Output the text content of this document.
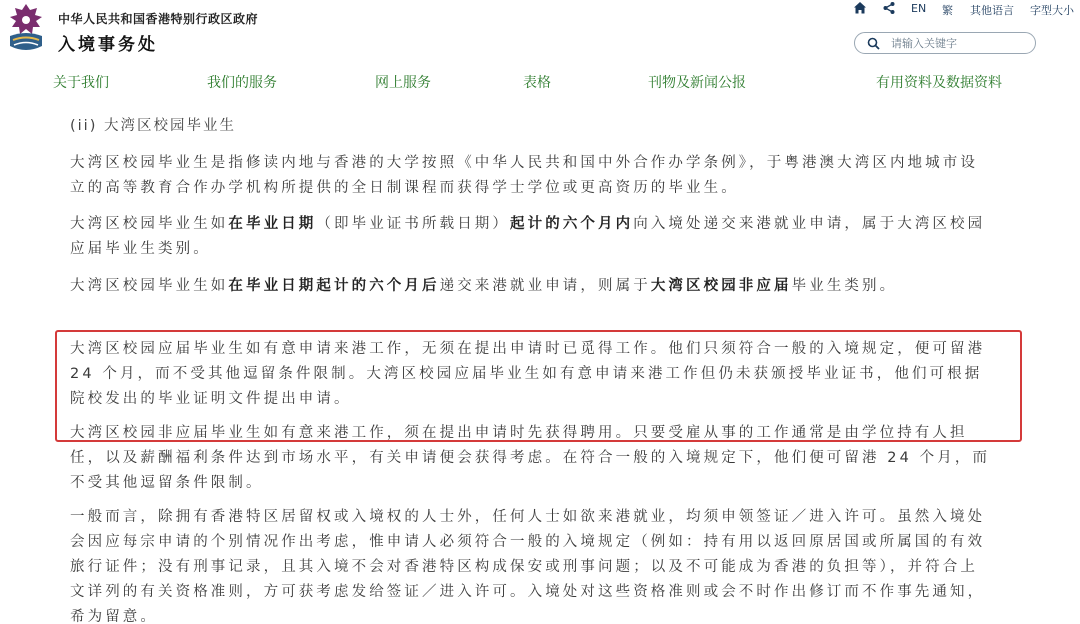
中华人民共和国香港特别行政区政府
入境事务处
EN 繁 其他语言 字型大小
请输入关键字
关于我们	我们的服务	网上服务	表格	刊物及新闻公报	有用资料及数据资料
(ii) 大湾区校园毕业生
大湾区校园毕业生是指修读内地与香港的大学按照《中华人民共和国中外合作办学条例》，于粤港澳大湾区内地城市设立的高等教育合作办学机构所提供的全日制课程而获得学士学位或更高资历的毕业生。
大湾区校园毕业生如在毕业日期（即毕业证书所载日期）起计的六个月内向入境处递交来港就业申请，属于大湾区校园应届毕业生类别。
大湾区校园毕业生如在毕业日期起计的六个月后递交来港就业申请，则属于大湾区校园非应届毕业生类别。
大湾区校园应届毕业生如有意申请来港工作，无须在提出申请时已觅得工作。他们只须符合一般的入境规定，便可留港 24 个月，而不受其他逗留条件限制。大湾区校园应届毕业生如有意申请来港工作但仍未获颁授毕业证书，他们可根据院校发出的毕业证明文件提出申请。
大湾区校园非应届毕业生如有意来港工作，须在提出申请时先获得聘用。只要受雇从事的工作通常是由学位持有人担任，以及薪酬福利条件达到市场水平，有关申请便会获得考虑。在符合一般的入境规定下，他们便可留港 24 个月，而不受其他逗留条件限制。
一般而言，除拥有香港特区居留权或入境权的人士外，任何人士如欲来港就业，均须申领签证／进入许可。虽然入境处会因应每宗申请的个别情况作出考虑，惟申请人必须符合一般的入境规定（例如：持有用以返回原居国或所属国的有效旅行证件；没有刑事记录，且其入境不会对香港特区构成保安或刑事问题；以及不可能成为香港的负担等），并符合上文详列的有关资格准则，方可获考虑发给签证／进入许可。入境处对这些资格准则或会不时作出修订而不作事先通知，希为留意。
